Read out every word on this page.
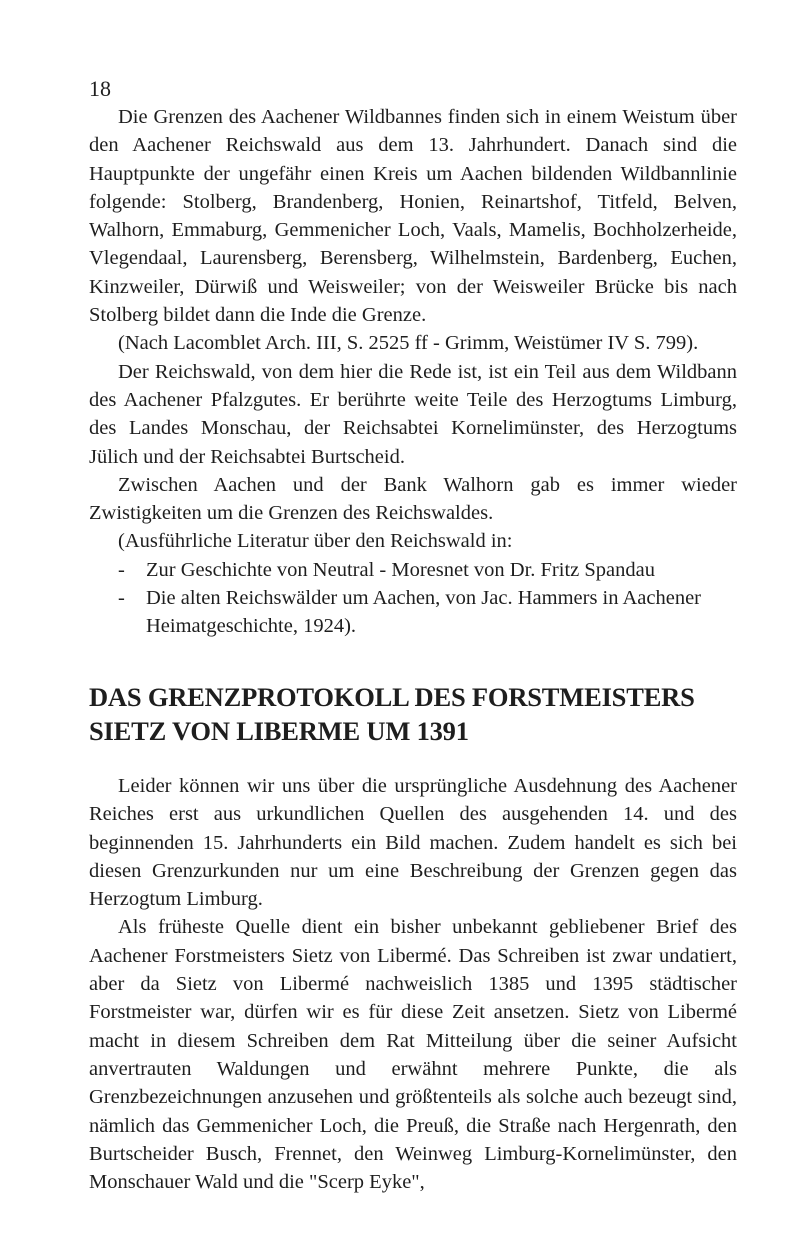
18

Die Grenzen des Aachener Wildbannes finden sich in einem Weistum über den Aachener Reichswald aus dem 13. Jahrhundert. Danach sind die Hauptpunkte der ungefähr einen Kreis um Aachen bildenden Wildbannlinie folgende: Stolberg, Brandenberg, Honien, Reinartshof, Titfeld, Belven, Walhorn, Emmaburg, Gemmenicher Loch, Vaals, Mamelis, Bochholzerheide, Vlegendaal, Laurensberg, Berensberg, Wilhelmstein, Bardenberg, Euchen, Kinzweiler, Dürwiß und Weisweiler; von der Weisweiler Brücke bis nach Stolberg bildet dann die Inde die Grenze.

(Nach Lacomblet Arch. III, S. 2525 ff - Grimm, Weistümer IV S. 799).

Der Reichswald, von dem hier die Rede ist, ist ein Teil aus dem Wildbann des Aachener Pfalzgutes. Er berührte weite Teile des Herzogtums Limburg, des Landes Monschau, der Reichsabtei Kornelimünster, des Herzogtums Jülich und der Reichsabtei Burtscheid.

Zwischen Aachen und der Bank Walhorn gab es immer wieder Zwistigkeiten um die Grenzen des Reichswaldes.

(Ausführliche Literatur über den Reichswald in:

- Zur Geschichte von Neutral - Moresnet von Dr. Fritz Spandau
- Die alten Reichswälder um Aachen, von Jac. Hammers in Aachener Heimatgeschichte, 1924).
DAS GRENZPROTOKOLL DES FORSTMEISTERS
SIETZ VON LIBERME UM 1391

Leider können wir uns über die ursprüngliche Ausdehnung des Aachener Reiches erst aus urkundlichen Quellen des ausgehenden 14. und des beginnenden 15. Jahrhunderts ein Bild machen. Zudem handelt es sich bei diesen Grenzurkunden nur um eine Beschreibung der Grenzen gegen das Herzogtum Limburg.

Als früheste Quelle dient ein bisher unbekannt gebliebener Brief des Aachener Forstmeisters Sietz von Libermé. Das Schreiben ist zwar undatiert, aber da Sietz von Libermé nachweislich 1385 und 1395 städtischer Forstmeister war, dürfen wir es für diese Zeit ansetzen. Sietz von Libermé macht in diesem Schreiben dem Rat Mitteilung über die seiner Aufsicht anvertrauten Waldungen und erwähnt mehrere Punkte, die als Grenzbezeichnungen anzusehen und größtenteils als solche auch bezeugt sind, nämlich das Gemmenicher Loch, die Preuß, die Straße nach Hergenrath, den Burtscheider Busch, Frennet, den Weinweg Limburg-Kornelimünster, den Monschauer Wald und die "Scerp Eyke",
